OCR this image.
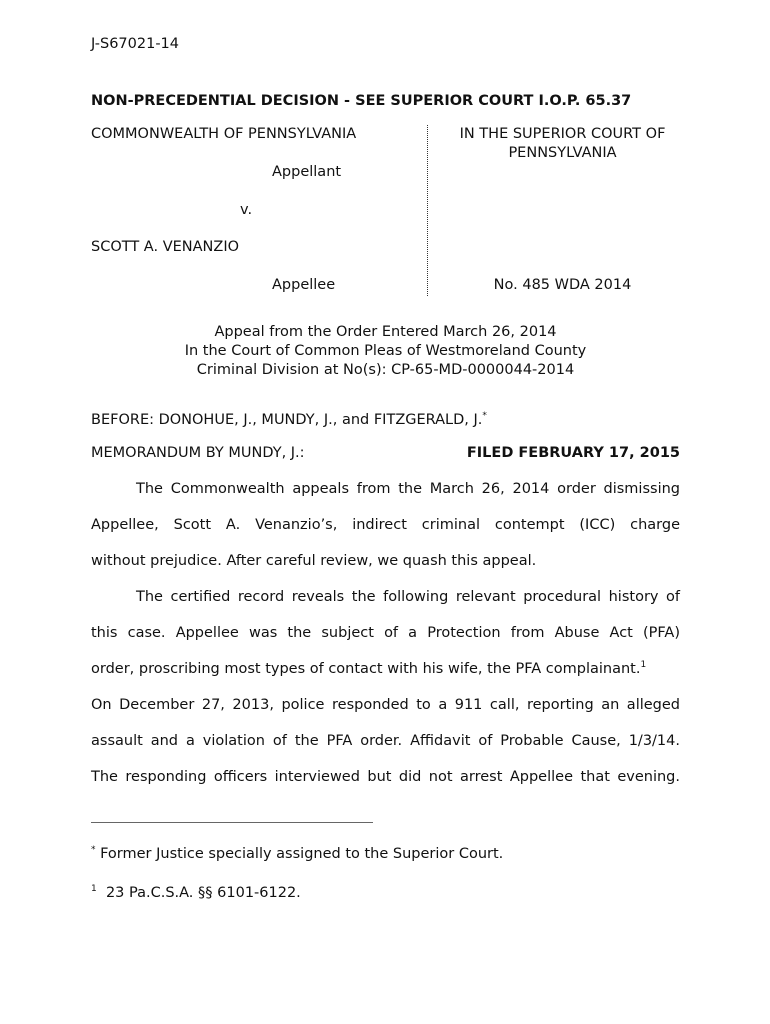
J-S67021-14
NON-PRECEDENTIAL DECISION - SEE SUPERIOR COURT I.O.P. 65.37
COMMONWEALTH OF PENNSYLVANIA
Appellant
v.
SCOTT A. VENANZIO
Appellee
IN THE SUPERIOR COURT OF
PENNSYLVANIA
No. 485 WDA 2014
Appeal from the Order Entered March 26, 2014
In the Court of Common Pleas of Westmoreland County
Criminal Division at No(s): CP-65-MD-0000044-2014
BEFORE: DONOHUE, J., MUNDY, J., and FITZGERALD, J.*
MEMORANDUM BY MUNDY, J.:	FILED FEBRUARY 17, 2015
The Commonwealth appeals from the March 26, 2014 order dismissing
Appellee, Scott A. Venanzio’s, indirect criminal contempt (ICC) charge
without prejudice. After careful review, we quash this appeal.
The certified record reveals the following relevant procedural history of
this case. Appellee was the subject of a Protection from Abuse Act (PFA)
order, proscribing most types of contact with his wife, the PFA complainant.$^1$
On December 27, 2013, police responded to a 911 call, reporting an alleged
assault and a violation of the PFA order. Affidavit of Probable Cause, 1/3/14.
The responding officers interviewed but did not arrest Appellee that evening.
* Former Justice specially assigned to the Superior Court.
$^1$ 23 Pa.C.S.A. §§ 6101-6122.
